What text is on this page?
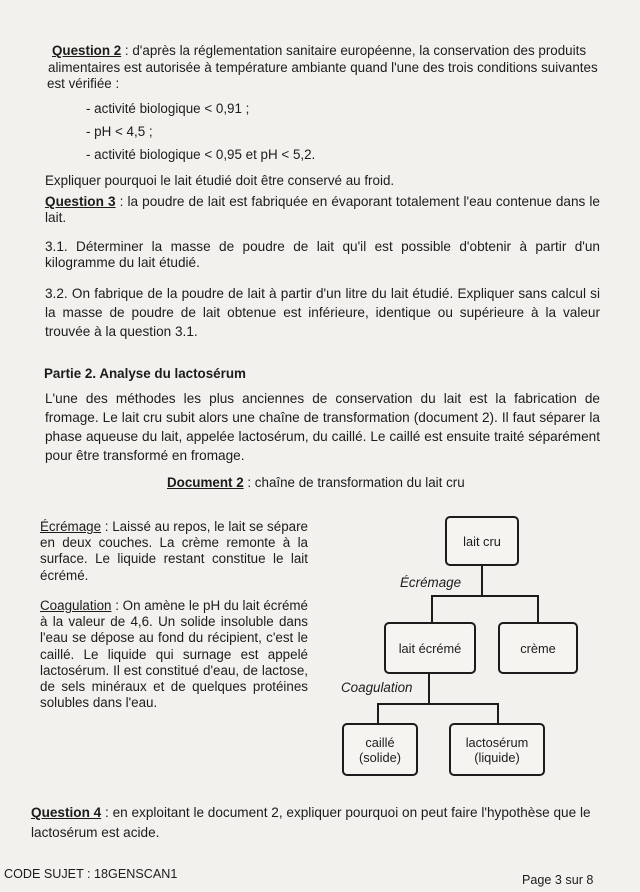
Question 2 : d'après la réglementation sanitaire européenne, la conservation des produits
alimentaires est autorisée à température ambiante quand l'une des trois conditions suivantes
est vérifiée :
- activité biologique < 0,91 ;
- pH < 4,5 ;
- activité biologique < 0,95 et pH < 5,2.
Expliquer pourquoi le lait étudié doit être conservé au froid.
Question 3 : la poudre de lait est fabriquée en évaporant totalement l'eau contenue dans le lait.
3.1. Déterminer la masse de poudre de lait qu'il est possible d'obtenir à partir d'un kilogramme du lait étudié.
3.2. On fabrique de la poudre de lait à partir d'un litre du lait étudié. Expliquer sans calcul si la masse de poudre de lait obtenue est inférieure, identique ou supérieure à la valeur trouvée à la question 3.1.
Partie 2. Analyse du lactosérum
L'une des méthodes les plus anciennes de conservation du lait est la fabrication de fromage. Le lait cru subit alors une chaîne de transformation (document 2). Il faut séparer la phase aqueuse du lait, appelée lactosérum, du caillé. Le caillé est ensuite traité séparément pour être transformé en fromage.
Document 2 : chaîne de transformation du lait cru
Écrémage : Laissé au repos, le lait se sépare en deux couches. La crème remonte à la surface. Le liquide restant constitue le lait écrémé.
Coagulation : On amène le pH du lait écrémé à la valeur de 4,6. Un solide insoluble dans l'eau se dépose au fond du récipient, c'est le caillé. Le liquide qui surnage est appelé lactosérum. Il est constitué d'eau, de lactose, de sels minéraux et de quelques protéines solubles dans l'eau.
lait cru
Écrémage
lait écrémé	crème
Coagulation
caillé
(solide)
lactosérum
(liquide)
Question 4 : en exploitant le document 2, expliquer pourquoi on peut faire l'hypothèse que le lactosérum est acide.
CODE SUJET : 18GENSCAN1	Page 3 sur 8
